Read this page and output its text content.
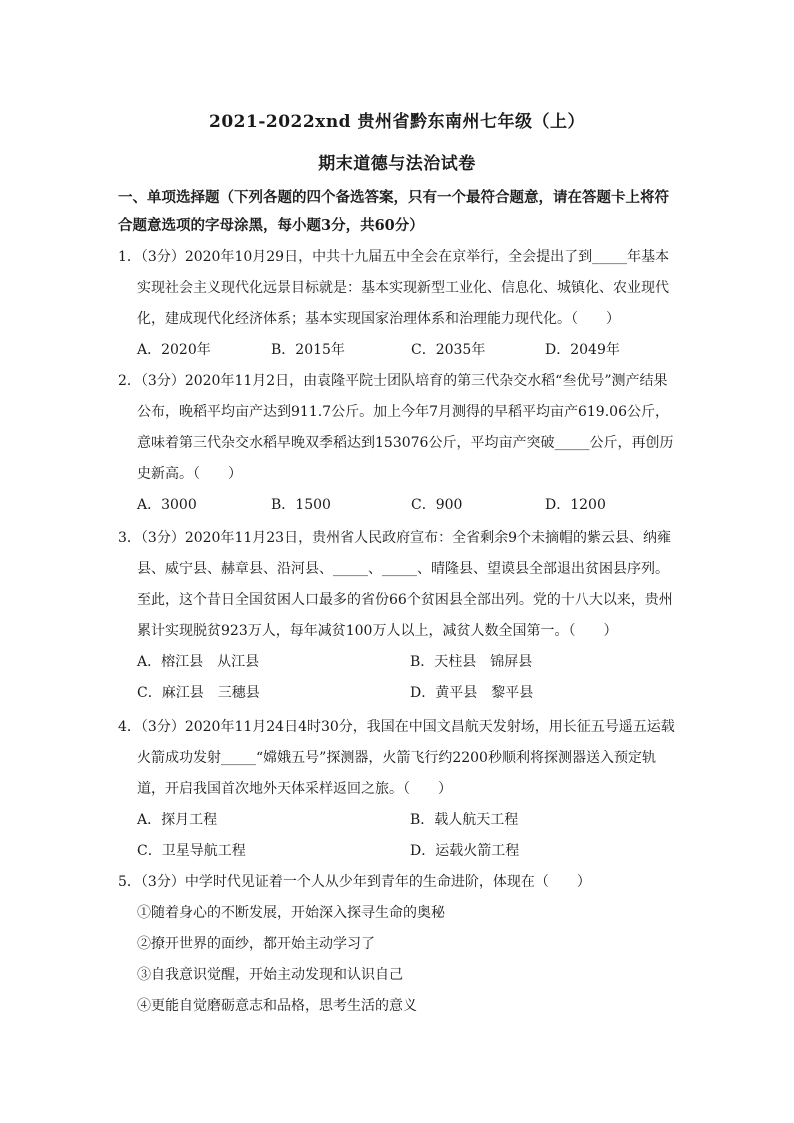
2021-2022xnd 贵州省黔东南州七年级（上）
期末道德与法治试卷
一、单项选择题（下列各题的四个备选答案，只有一个最符合题意，请在答题卡上将符合题意选项的字母涂黑，每小题3分，共60分）

1．（3分）2020年10月29日，中共十九届五中全会在京举行，全会提出了到_____年基本实现社会主义现代化远景目标就是：基本实现新型工业化、信息化、城镇化、农业现代化，建成现代化经济体系；基本实现国家治理体系和治理能力现代化。（　　）

A．2020年	B．2015年	C．2035年	D．2049年

2．（3分）2020年11月2日，由袁隆平院士团队培育的第三代杂交水稻“叁优号”测产结果公布，晚稻平均亩产达到911.7公斤。加上今年7月测得的早稻平均亩产619.06公斤，意味着第三代杂交水稻早晚双季稻达到153076公斤，平均亩产突破_____公斤，再创历史新高。（　　）

A．3000	B．1500	C．900	D．1200

3．（3分）2020年11月23日，贵州省人民政府宣布：全省剩余9个未摘帽的紫云县、纳雍县、威宁县、赫章县、沿河县、_____、_____、晴隆县、望谟县全部退出贫困县序列。至此，这个昔日全国贫困人口最多的省份66个贫困县全部出列。党的十八大以来，贵州累计实现脱贫923万人，每年减贫100万人以上，减贫人数全国第一。（　　）

A．榕江县　从江县	B．天柱县　锦屏县
C．麻江县　三穗县	D．黄平县　黎平县

4．（3分）2020年11月24日4时30分，我国在中国文昌航天发射场，用长征五号遥五运载火箭成功发射_____“嫦娥五号”探测器，火箭飞行约2200秒顺利将探测器送入预定轨道，开启我国首次地外天体采样返回之旅。（　　）

A．探月工程	B．载人航天工程
C．卫星导航工程	D．运载火箭工程

5．（3分）中学时代见证着一个人从少年到青年的生命进阶，体现在（　　）

①随着身心的不断发展，开始深入探寻生命的奥秘

②撩开世界的面纱，都开始主动学习了

③自我意识觉醒，开始主动发现和认识自己

④更能自觉磨砺意志和品格，思考生活的意义
